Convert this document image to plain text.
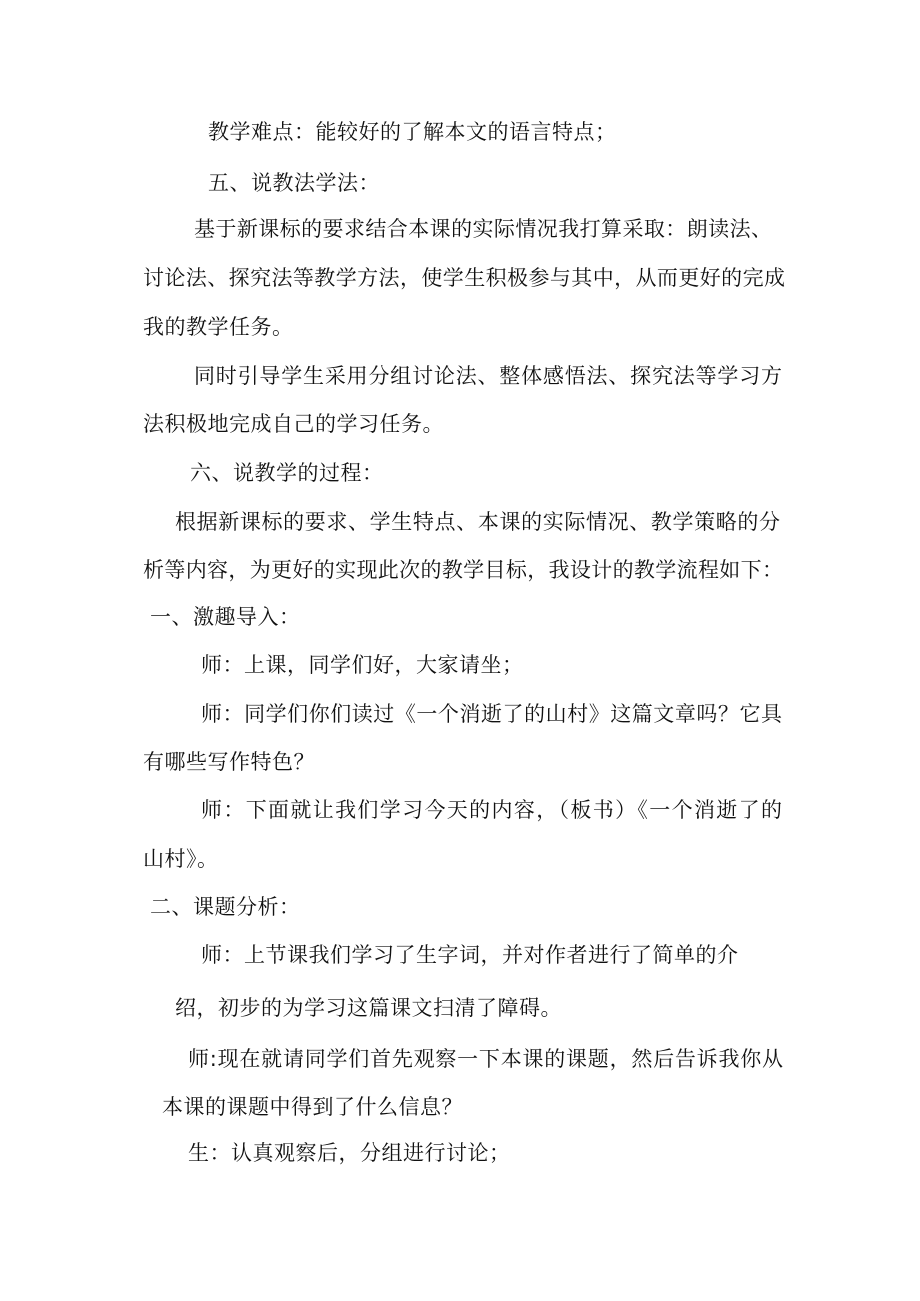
教学难点：能较好的了解本文的语言特点；
五、说教法学法：
基于新课标的要求结合本课的实际情况我打算采取：朗读法、
讨论法、探究法等教学方法，使学生积极参与其中，从而更好的完成
我的教学任务。
同时引导学生采用分组讨论法、整体感悟法、探究法等学习方
法积极地完成自己的学习任务。
六、说教学的过程：
根据新课标的要求、学生特点、本课的实际情况、教学策略的分
析等内容，为更好的实现此次的教学目标，我设计的教学流程如下：
一、激趣导入：
师：上课，同学们好，大家请坐；
师：同学们你们读过《一个消逝了的山村》这篇文章吗？它具
有哪些写作特色？
师：下面就让我们学习今天的内容，（板书）《一个消逝了的
山村》。
二、课题分析：
师：上节课我们学习了生字词，并对作者进行了简单的介
绍，初步的为学习这篇课文扫清了障碍。
师:现在就请同学们首先观察一下本课的课题，然后告诉我你从
本课的课题中得到了什么信息？
生：认真观察后，分组进行讨论；
